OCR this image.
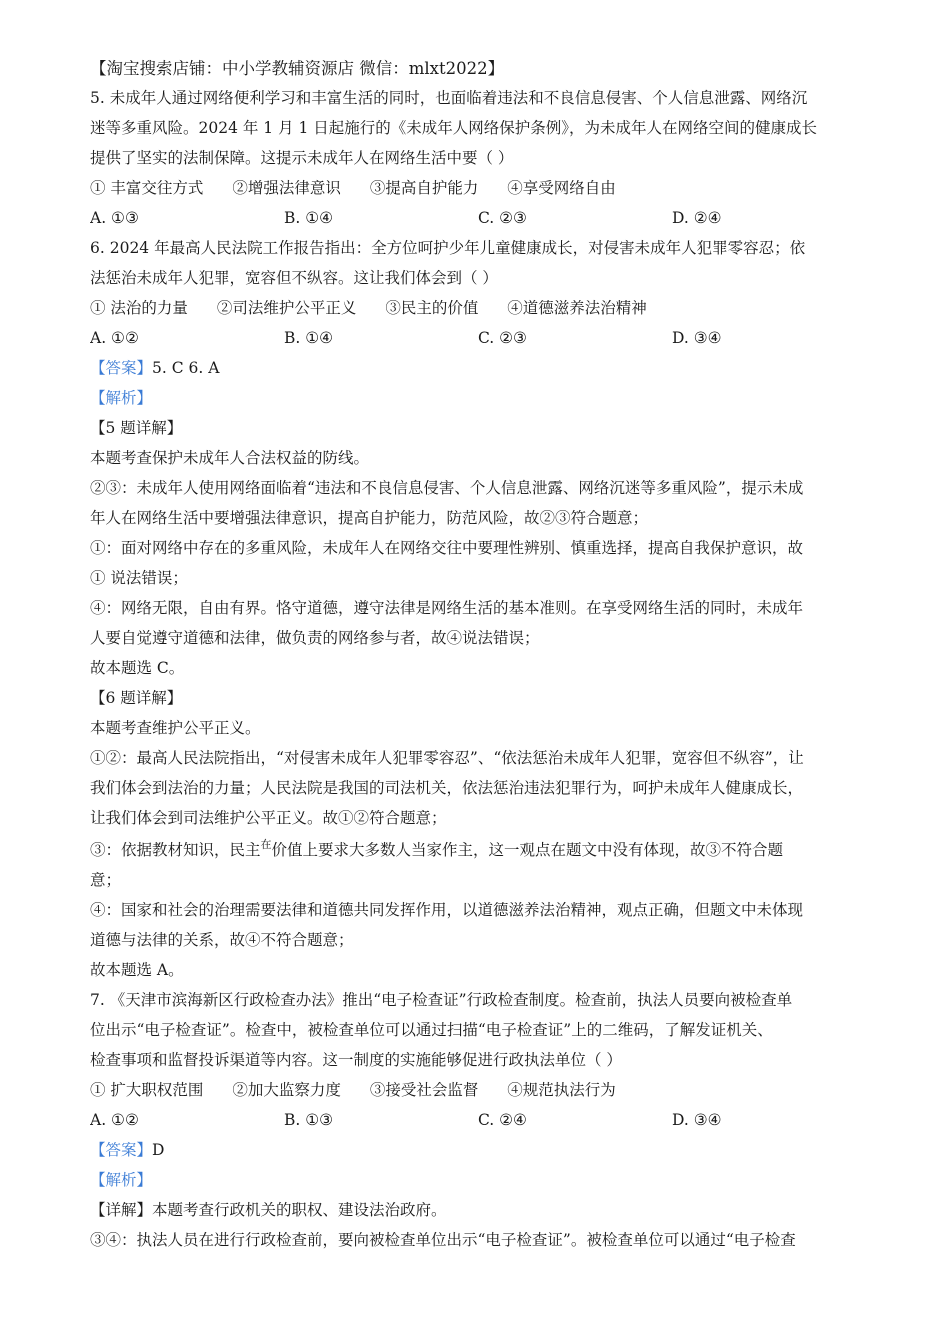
【淘宝搜索店铺：中小学教辅资源店 微信：mlxt2022】
5. 未成年人通过网络便利学习和丰富生活的同时，也面临着违法和不良信息侵害、个人信息泄露、网络沉
迷等多重风险。2024 年 1 月 1 日起施行的《未成年人网络保护条例》，为未成年人在网络空间的健康成长
提供了坚实的法制保障。这提示未成年人在网络生活中要（ ）
① 丰富交往方式 ②增强法律意识 ③提高自护能力 ④享受网络自由
A. ①③	B. ①④	C. ②③	D. ②④
6. 2024 年最高人民法院工作报告指出：全方位呵护少年儿童健康成长，对侵害未成年人犯罪零容忍；依
法惩治未成年人犯罪，宽容但不纵容。这让我们体会到（ ）
① 法治的力量 ②司法维护公平正义 ③民主的价值 ④道德滋养法治精神
A. ①②	B. ①④	C. ②③	D. ③④
【答案】5. C 6. A
【解析】
【5 题详解】
本题考查保护未成年人合法权益的防线。
②③：未成年人使用网络面临着“违法和不良信息侵害、个人信息泄露、网络沉迷等多重风险”，提示未成
年人在网络生活中要增强法律意识，提高自护能力，防范风险，故②③符合题意；
①：面对网络中存在的多重风险，未成年人在网络交往中要理性辨别、慎重选择，提高自我保护意识，故
① 说法错误；
④：网络无限，自由有界。恪守道德，遵守法律是网络生活的基本准则。在享受网络生活的同时，未成年
人要自觉遵守道德和法律，做负责的网络参与者，故④说法错误；
故本题选 C。
【6 题详解】
本题考查维护公平正义。
①②：最高人民法院指出，“对侵害未成年人犯罪零容忍”、“依法惩治未成年人犯罪，宽容但不纵容”，让
我们体会到法治的力量；人民法院是我国的司法机关，依法惩治违法犯罪行为，呵护未成年人健康成长，
让我们体会到司法维护公平正义。故①②符合题意；
③：依据教材知识，民主$^在$价值上要求大多数人当家作主，这一观点在题文中没有体现，故③不符合题
意；
④：国家和社会的治理需要法律和道德共同发挥作用，以道德滋养法治精神，观点正确，但题文中未体现
道德与法律的关系，故④不符合题意；
故本题选 A。
7. 《天津市滨海新区行政检查办法》推出“电子检查证”行政检查制度。检查前，执法人员要向被检查单
位出示“电子检查证”。检查中，被检查单位可以通过扫描“电子检查证”上的二维码，了解发证机关、
检查事项和监督投诉渠道等内容。这一制度的实施能够促进行政执法单位（ ）
① 扩大职权范围 ②加大监察力度 ③接受社会监督 ④规范执法行为
A. ①②	B. ①③	C. ②④	D. ③④
【答案】D
【解析】
【详解】本题考查行政机关的职权、建设法治政府。
③④：执法人员在进行行政检查前，要向被检查单位出示“电子检查证”。被检查单位可以通过“电子检查
